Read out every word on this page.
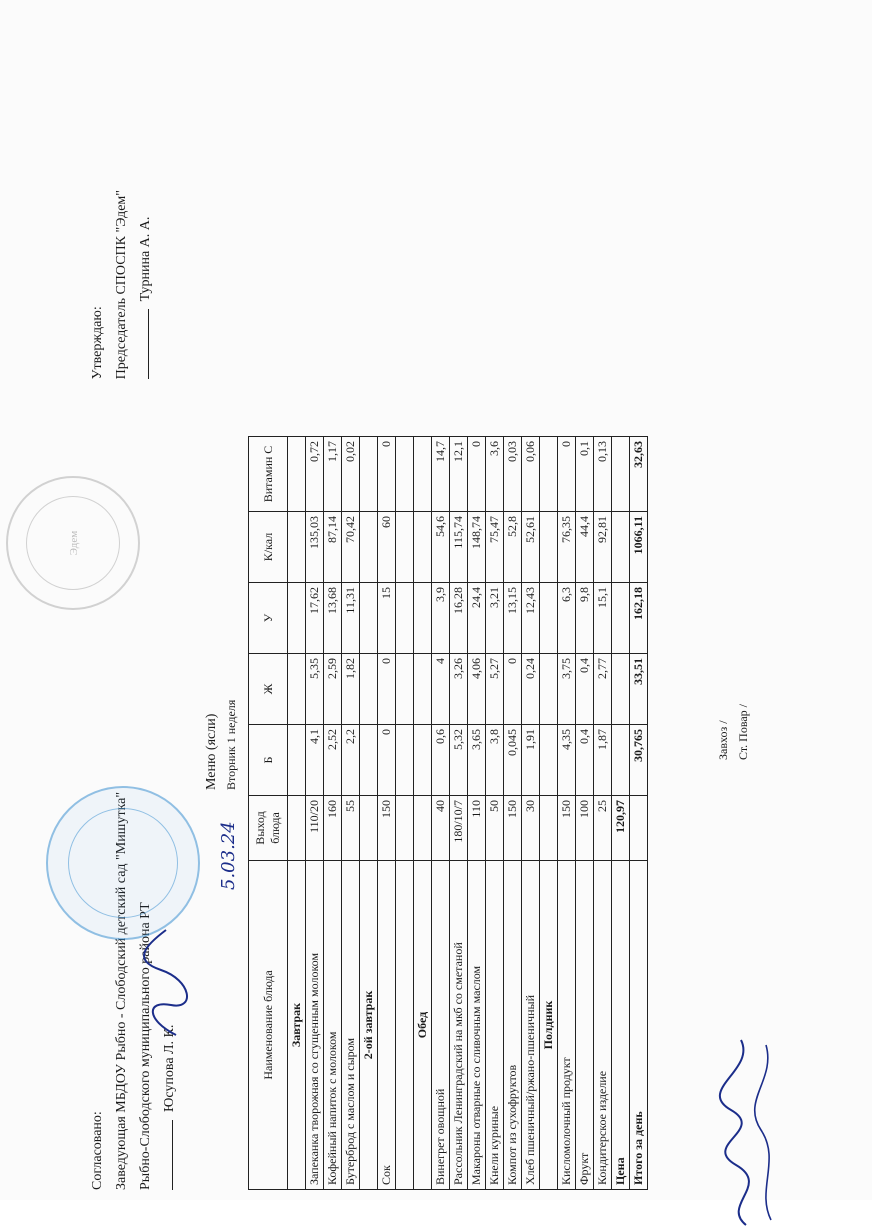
Согласовано: Заведующая МБДОУ Рыбно - Слободский детский сад "Мишутка" Рыбно-Слободского муниципального района РТ Юсупова Л. К.
Утверждаю: Председатель СПОСПК "Эдем" Турнина А. А.
Эдем
5.03.24
Меню (ясли) Вторник 1 неделя
Наименование блюда	Выход блюда	Б	Ж	У	К/кал	Витамин С
Завтрак						
Запеканка творожная со сгущенным молоком	110/20	4,1	5,35	17,62	135,03	0,72
Кофейный напиток с молоком	160	2,52	2,59	13,68	87,14	1,17
Бутерброд с маслом и сыром	55	2,2	1,82	11,31	70,42	0,02
2-ой завтрак						
Сок	150	0	0	15	60	0

Обед						
Винегрет овощной	40	0,6	4	3,9	54,6	14,7
Рассольник Ленинградский на мкб со сметаной	180/10/7	5,32	3,26	16,28	115,74	12,1
Макароны отварные со сливочным маслом	110	3,65	4,06	24,4	148,74	0
Кнели куриные	50	3,8	5,27	3,21	75,47	3,6
Компот из сухофруктов	150	0,045	0	13,15	52,8	0,03
Хлеб пшеничный/ржано-пшеничный	30	1,91	0,24	12,43	52,61	0,06
Полдник						
Кисломолочный продукт	150	4,35	3,75	6,3	76,35	0
Фрукт	100	0,4	0,4	9,8	44,4	0,1
Кондитерское изделие	25	1,87	2,77	15,1	92,81	0,13
Цена	120,97					
Итого за день		30,765	33,51	162,18	1066,11	32,63
Завхоз / Ст. Повар /
